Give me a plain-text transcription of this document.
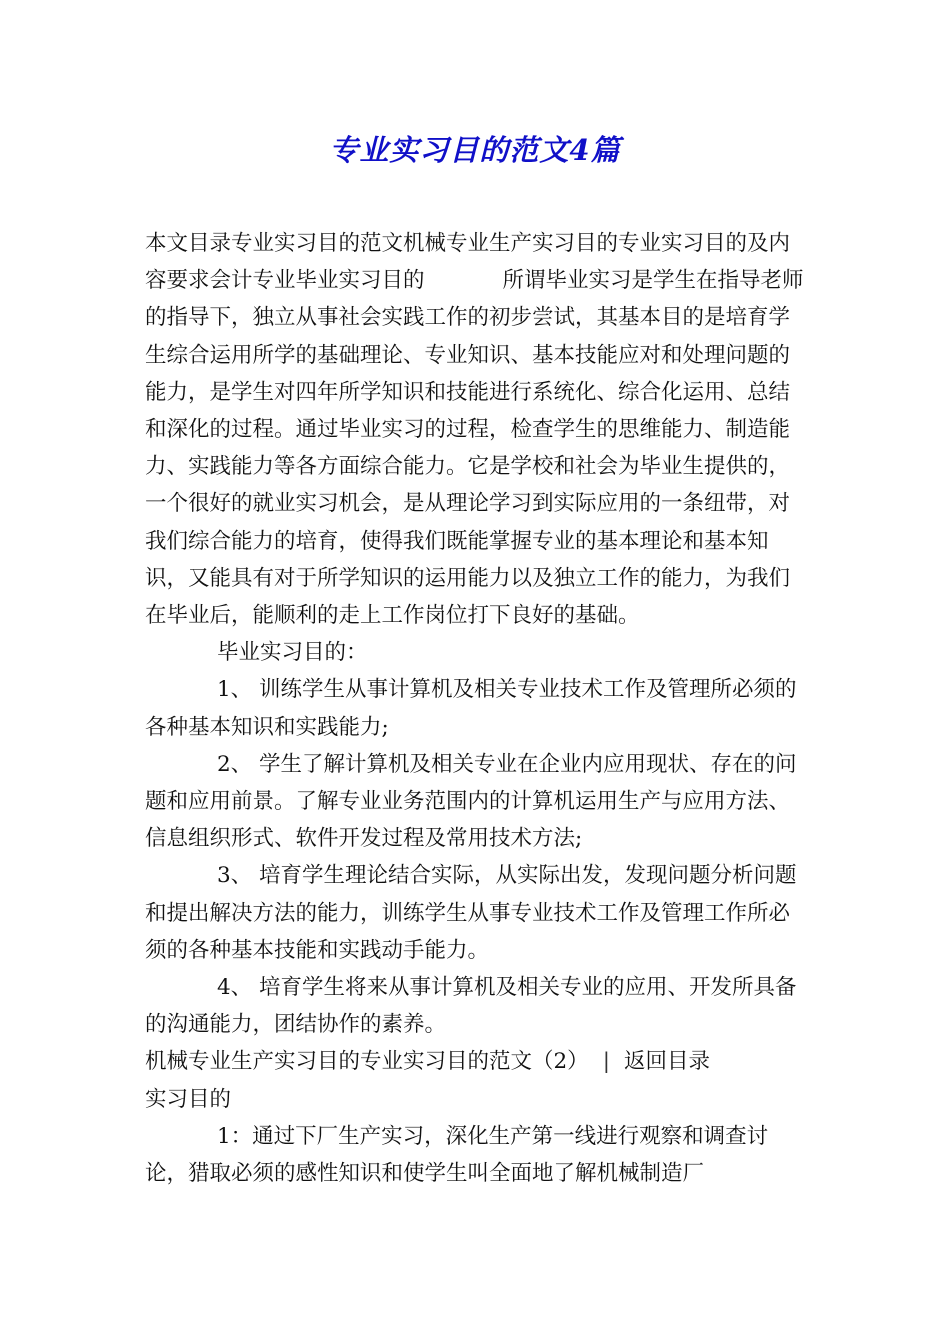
专业实习目的范文4篇

本文目录专业实习目的范文机械专业生产实习目的专业实习目的及内容要求会计专业毕业实习目的	所谓毕业实习是学生在指导老师的指导下，独立从事社会实践工作的初步尝试，其基本目的是培育学生综合运用所学的基础理论、专业知识、基本技能应对和处理问题的能力，是学生对四年所学知识和技能进行系统化、综合化运用、总结和深化的过程。通过毕业实习的过程，检查学生的思维能力、制造能力、实践能力等各方面综合能力。它是学校和社会为毕业生提供的，一个很好的就业实习机会，是从理论学习到实际应用的一条纽带，对我们综合能力的培育，使得我们既能掌握专业的基本理论和基本知识，又能具有对于所学知识的运用能力以及独立工作的能力，为我们在毕业后，能顺利的走上工作岗位打下良好的基础。

毕业实习目的：

1、 训练学生从事计算机及相关专业技术工作及管理所必须的各种基本知识和实践能力;

2、 学生了解计算机及相关专业在企业内应用现状、存在的问题和应用前景。了解专业业务范围内的计算机运用生产与应用方法、信息组织形式、软件开发过程及常用技术方法;

3、 培育学生理论结合实际，从实际出发，发现问题分析问题和提出解决方法的能力，训练学生从事专业技术工作及管理工作所必须的各种基本技能和实践动手能力。

4、 培育学生将来从事计算机及相关专业的应用、开发所具备的沟通能力，团结协作的素养。

机械专业生产实习目的专业实习目的范文（2） | 返回目录

实习目的

1：通过下厂生产实习，深化生产第一线进行观察和调查讨论，猎取必须的感性知识和使学生叫全面地了解机械制造厂
